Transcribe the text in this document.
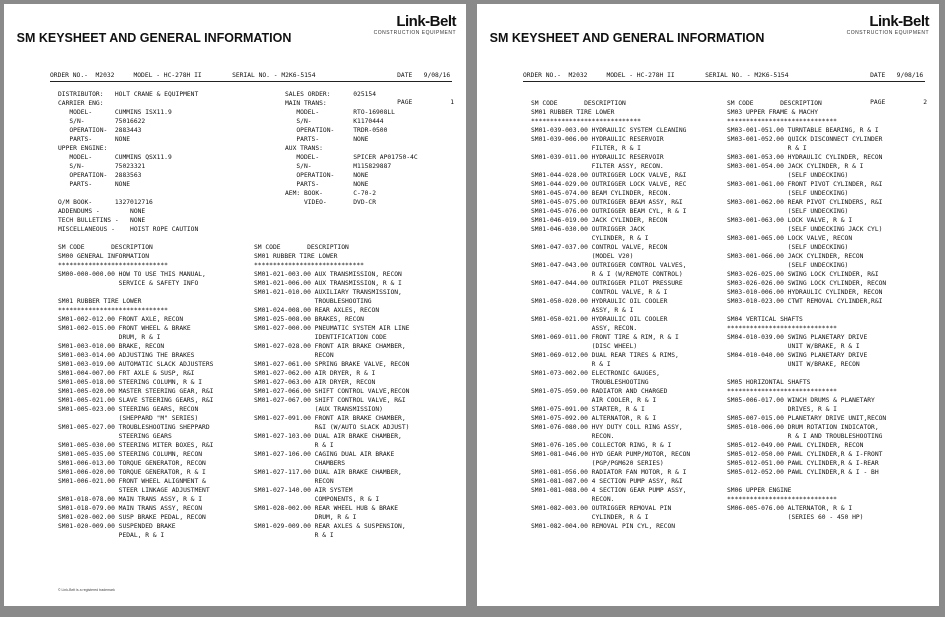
SM KEYSHEET AND GENERAL INFORMATION
Link-Belt
CONSTRUCTION EQUIPMENT

DATE 9/08/16

PAGE	1

ORDER NO.- M2032	MODEL - HC-278H II	SERIAL NO. - M2K6-5154
DISTRIBUTOR:   HOLT CRANE & EQUIPMENT
CARRIER ENG:
MODEL-      CUMMINS ISX11.9
S/N-        75016622
OPERATION-  2883443
PARTS-      NONE
UPPER ENGINE:
MODEL-      CUMMINS QSX11.9
S/N-        75023321
OPERATION-  2883563
PARTS-      NONE
O/M BOOK-      1327012716
ADDENDUMS -        NONE
TECH BULLETINS -   NONE
MISCELLANEOUS -    HOIST ROPE CAUTION
SALES ORDER:      025154
MAIN TRANS:
MODEL-         RTO-16908LL
S/N-           K1170444
OPERATION-     TRDR-0500
PARTS-         NONE
AUX TRANS:
MODEL-         SPICER AP01750-4C
S/N-           M115829887
OPERATION-     NONE
PARTS-         NONE
AEM: BOOK-        C-70-2
VIDEO-       DVD-CR
SM CODE       DESCRIPTION
SM00 GENERAL INFORMATION
*****************************
SM00-000-000.00 HOW TO USE THIS MANUAL,
SERVICE & SAFETY INFO
SM01 RUBBER TIRE LOWER
*****************************
SM01-002-012.00 FRONT AXLE, RECON
SM01-002-015.00 FRONT WHEEL & BRAKE
DRUM, R & I
SM01-003-010.00 BRAKE, RECON
SM01-003-014.00 ADJUSTING THE BRAKES
SM01-003-019.00 AUTOMATIC SLACK ADJUSTERS
SM01-004-007.00 FRT AXLE & SUSP, R&I
SM01-005-018.00 STEERING COLUMN, R & I
SM01-005-020.00 MASTER STEERING GEAR, R&I
SM01-005-021.00 SLAVE STEERING GEARS, R&I
SM01-005-023.00 STEERING GEARS, RECON
(SHEPPARD "M" SERIES)
SM01-005-027.00 TROUBLESHOOTING SHEPPARD
STEERING GEARS
SM01-005-030.00 STEERING MITER BOXES, R&I
SM01-005-035.00 STEERING COLUMN, RECON
SM01-006-013.00 TORQUE GENERATOR, RECON
SM01-006-020.00 TORQUE GENERATOR, R & I
SM01-006-021.00 FRONT WHEEL ALIGNMENT &
STEER LINKAGE ADJUSTMENT
SM01-018-078.00 MAIN TRANS ASSY, R & I
SM01-018-079.00 MAIN TRANS ASSY, RECON
SM01-020-002.00 SUSP BRAKE PEDAL, RECON
SM01-020-009.00 SUSPENDED BRAKE
PEDAL, R & I
SM CODE       DESCRIPTION
SM01 RUBBER TIRE LOWER
*****************************
SM01-021-003.00 AUX TRANSMISSION, RECON
SM01-021-006.00 AUX TRANSMISSION, R & I
SM01-021-010.00 AUXILIARY TRANSMISSION,
TROUBLESHOOTING
SM01-024-008.00 REAR AXLES, RECON
SM01-025-008.00 BRAKES, RECON
SM01-027-000.00 PNEUMATIC SYSTEM AIR LINE
IDENTIFICATION CODE
SM01-027-028.00 FRONT AIR BRAKE CHAMBER,
RECON
SM01-027-061.00 SPRING BRAKE VALVE, RECON
SM01-027-062.00 AIR DRYER, R & I
SM01-027-063.00 AIR DRYER, RECON
SM01-027-066.00 SHIFT CONTROL VALVE,RECON
SM01-027-067.00 SHIFT CONTROL VALVE, R&I
(AUX TRANSMISSION)
SM01-027-091.00 FRONT AIR BRAKE CHAMBER,
R&I (W/AUTO SLACK ADJUST)
SM01-027-103.00 DUAL AIR BRAKE CHAMBER,
R & I
SM01-027-106.00 CAGING DUAL AIR BRAKE
CHAMBERS
SM01-027-117.00 DUAL AIR BRAKE CHAMBER,
RECON
SM01-027-140.00 AIR SYSTEM
COMPONENTS, R & I
SM01-028-002.00 REAR WHEEL HUB & BRAKE
DRUM, R & I
SM01-029-009.00 REAR AXLES & SUSPENSION,
R & I
© Link-Belt is a registered trademark
SM KEYSHEET AND GENERAL INFORMATION
Link-Belt
CONSTRUCTION EQUIPMENT

DATE 9/08/16

PAGE	2

ORDER NO.- M2032	MODEL - HC-278H II	SERIAL NO. - M2K6-5154
SM CODE       DESCRIPTION
SM01 RUBBER TIRE LOWER
*****************************
SM01-039-003.00 HYDRAULIC SYSTEM CLEANING
SM01-039-006.00 HYDRAULIC RESERVOIR
FILTER, R & I
SM01-039-011.00 HYDRAULIC RESERVOIR
FILTER ASSY, RECON.
SM01-044-028.00 OUTRIGGER LOCK VALVE, R&I
SM01-044-029.00 OUTRIGGER LOCK VALVE, REC
SM01-045-074.00 BEAM CYLINDER, RECON.
SM01-045-075.00 OUTRIGGER BEAM ASSY, R&I
SM01-045-076.00 OUTRIGGER BEAM CYL, R & I
SM01-046-019.00 JACK CYLINDER, RECON
SM01-046-030.00 OUTRIGGER JACK
CYLINDER, R & I
SM01-047-037.00 CONTROL VALVE, RECON
(MODEL V20)
SM01-047-043.00 OUTRIGGER CONTROL VALVES,
R & I (W/REMOTE CONTROL)
SM01-047-044.00 OUTRIGGER PILOT PRESSURE
CONTROL VALVE, R & I
SM01-050-020.00 HYDRAULIC OIL COOLER
ASSY, R & I
SM01-050-021.00 HYDRAULIC OIL COOLER
ASSY, RECON.
SM01-069-011.00 FRONT TIRE & RIM, R & I
(DISC WHEEL)
SM01-069-012.00 DUAL REAR TIRES & RIMS,
R & I
SM01-073-002.00 ELECTRONIC GAUGES,
TROUBLESHOOTING
SM01-075-059.00 RADIATOR AND CHARGED
AIR COOLER, R & I
SM01-075-091.00 STARTER, R & I
SM01-075-092.00 ALTERNATOR, R & I
SM01-076-080.00 HVY DUTY COLL RING ASSY,
RECON.
SM01-076-105.00 COLLECTOR RING, R & I
SM01-081-046.00 HYD GEAR PUMP/MOTOR, RECON
(PGP/PGM620 SERIES)
SM01-081-056.00 RADIATOR FAN MOTOR, R & I
SM01-081-087.00 4 SECTION PUMP ASSY, R&I
SM01-081-088.00 4 SECTION GEAR PUMP ASSY,
RECON.
SM01-082-003.00 OUTRIGGER REMOVAL PIN
CYLINDER, R & I
SM01-082-004.00 REMOVAL PIN CYL, RECON
SM CODE       DESCRIPTION
SM03 UPPER FRAME & MACHY
*****************************
SM03-001-051.00 TURNTABLE BEARING, R & I
SM03-001-052.00 QUICK DISCONNECT CYLINDER
R & I
SM03-001-053.00 HYDRAULIC CYLINDER, RECON
SM03-001-054.00 JACK CYLINDER, R & I
(SELF UNDECKING)
SM03-001-061.00 FRONT PIVOT CYLINDER, R&I
(SELF UNDECKING)
SM03-001-062.00 REAR PIVOT CYLINDERS, R&I
(SELF UNDECKING)
SM03-001-063.00 LOCK VALVE, R & I
(SELF UNDECKING JACK CYL)
SM03-001-065.00 LOCK VALVE, RECON
(SELF UNDECKING)
SM03-001-066.00 JACK CYLINDER, RECON
(SELF UNDECKING)
SM03-026-025.00 SWING LOCK CYLINDER, R&I
SM03-026-026.00 SWING LOCK CYLINDER, RECON
SM03-010-006.00 HYDRAULIC CYLINDER, RECON
SM03-010-023.00 CTWT REMOVAL CYLINDER,R&I
SM04 VERTICAL SHAFTS
*****************************
SM04-010-039.00 SWING PLANETARY DRIVE
UNIT W/BRAKE, R & I
SM04-010-040.00 SWING PLANETARY DRIVE
UNIT W/BRAKE, RECON
SM05 HORIZONTAL SHAFTS
*****************************
SM05-006-017.00 WINCH DRUMS & PLANETARY
DRIVES, R & I
SM05-007-015.00 PLANETARY DRIVE UNIT,RECON
SM05-010-006.00 DRUM ROTATION INDICATOR,
R & I AND TROUBLESHOOTING
SM05-012-049.00 PAWL CYLINDER, RECON
SM05-012-050.00 PAWL CYLINDER,R & I-FRONT
SM05-012-051.00 PAWL CYLINDER,R & I-REAR
SM05-012-052.00 PAWL CYLINDER,R & I - BH
SM06 UPPER ENGINE
*****************************
SM06-005-076.00 ALTERNATOR, R & I
(SERIES 60 - 450 HP)
